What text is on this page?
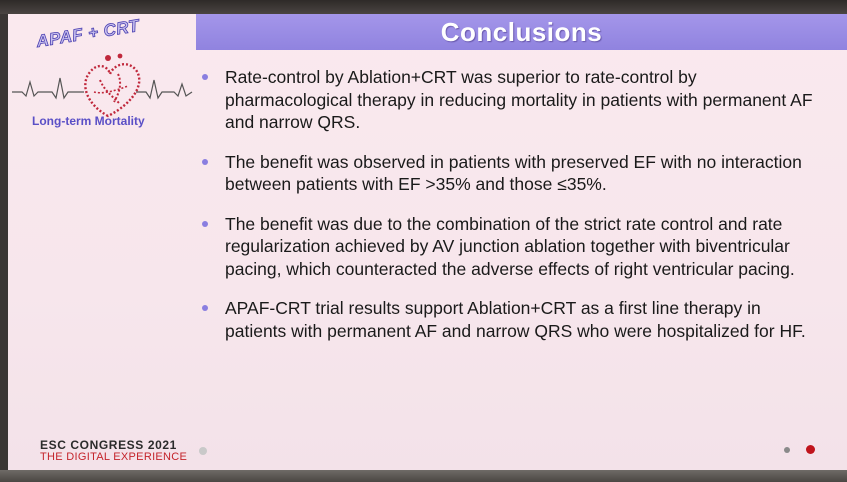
APAF + CRT
Long-term Mortality
Conclusions
Rate-control by Ablation+CRT was superior to rate-control by pharmacological therapy in reducing mortality in patients with permanent AF and narrow QRS.
The benefit was observed in patients with preserved EF with no interaction between patients with EF >35% and those ≤35%.
The benefit was due to the combination of the strict rate control and rate regularization achieved by AV junction ablation together with biventricular pacing, which counteracted the adverse effects of right ventricular pacing.
APAF-CRT trial results support Ablation+CRT as a first line therapy in patients with permanent AF and narrow QRS who were hospitalized for HF.
ESC CONGRESS 2021
THE DIGITAL EXPERIENCE
